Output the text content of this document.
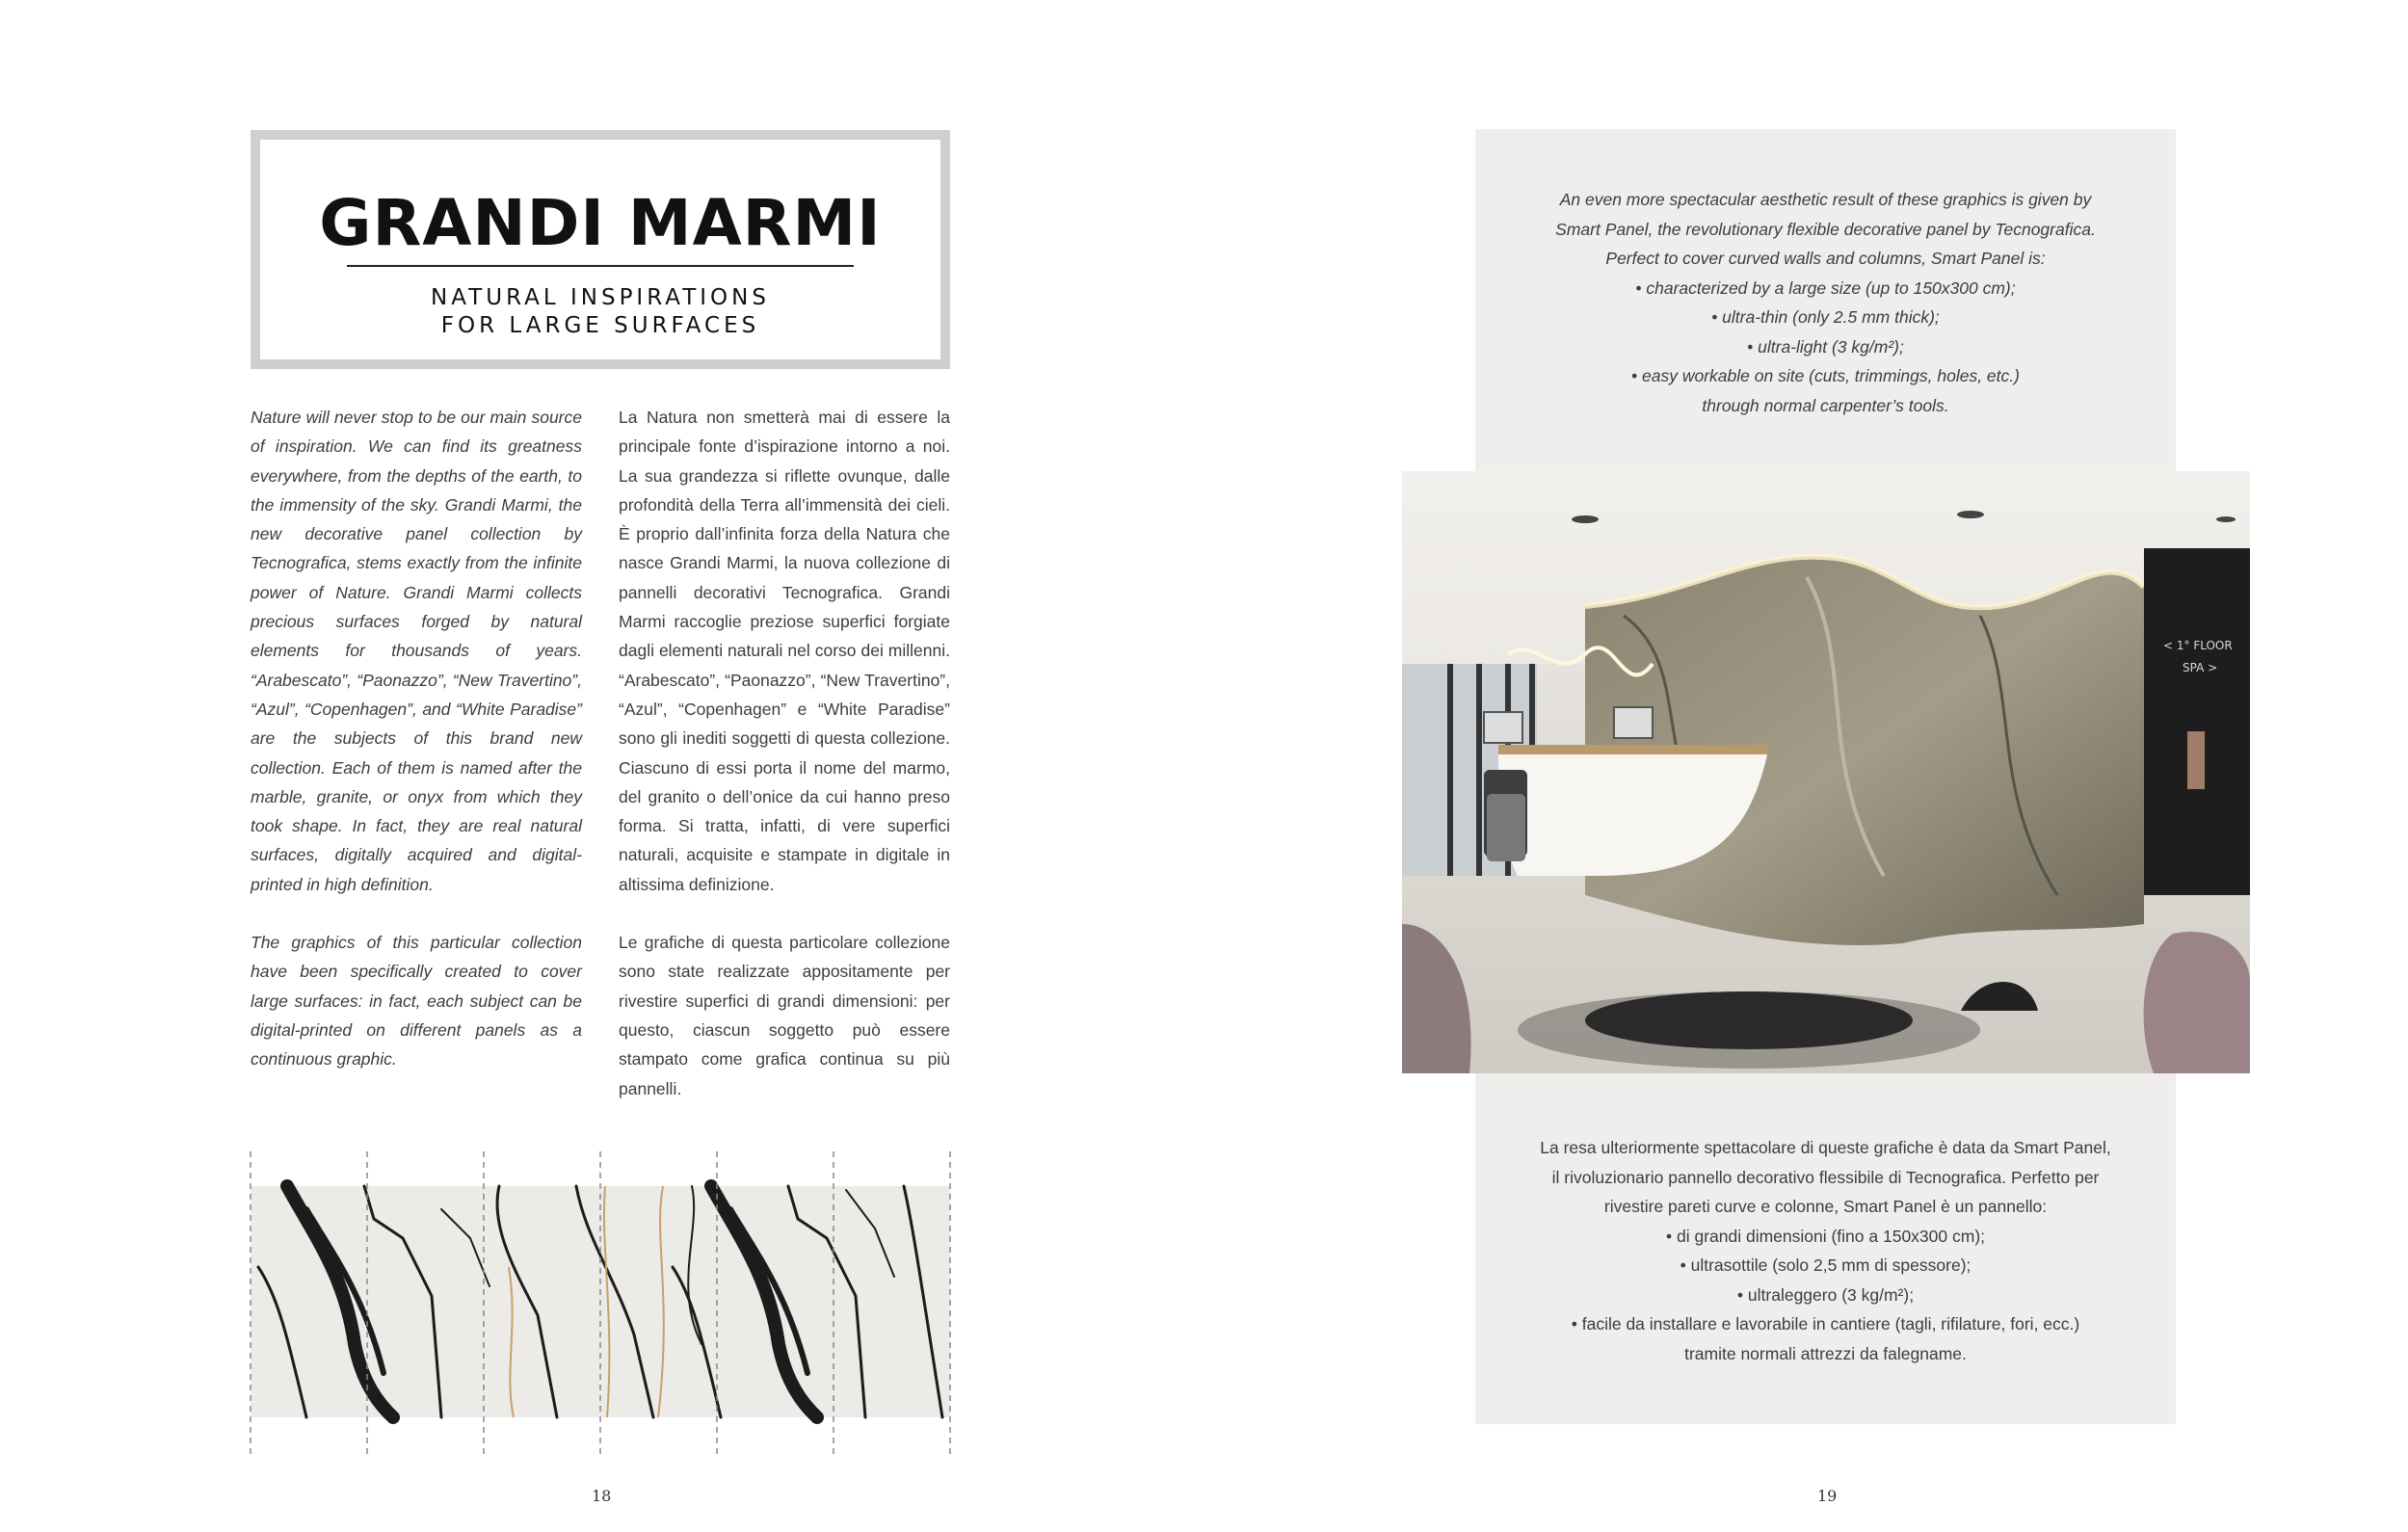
GRANDI MARMI
NATURAL INSPIRATIONS
FOR LARGE SURFACES

Nature will never stop to be our main source of inspiration. We can find its greatness everywhere, from the depths of the earth, to the immensity of the sky. Grandi Marmi, the new decorative panel collection by Tecnografica, stems exactly from the infinite power of Nature. Grandi Marmi collects precious surfaces forged by natural elements for thousands of years. “Arabescato”, “Paonazzo”, “New Travertino”, “Azul”, “Copenhagen”, and “White Paradise” are the subjects of this brand new collection. Each of them is named after the marble, granite, or onyx from which they took shape. In fact, they are real natural surfaces, digitally acquired and digital-printed in high definition.

The graphics of this particular collection have been specifically created to cover large surfaces: in fact, each subject can be digital-printed on different panels as a continuous graphic.

La Natura non smetterà mai di essere la principale fonte d’ispirazione intorno a noi. La sua grandezza si riflette ovunque, dalle profondità della Terra all’immensità dei cieli. È proprio dall’infinita forza della Natura che nasce Grandi Marmi, la nuova collezione di pannelli decorativi Tecnografica. Grandi Marmi raccoglie preziose superfici forgiate dagli elementi naturali nel corso dei millenni. “Arabescato”, “Paonazzo”, “New Travertino”, “Azul”, “Copenhagen” e “White Paradise” sono gli inediti soggetti di questa collezione. Ciascuno di essi porta il nome del marmo, del granito o dell’onice da cui hanno preso forma. Si tratta, infatti, di vere superfici naturali, acquisite e stampate in digitale in altissima definizione.

Le grafiche di questa particolare collezione sono state realizzate appositamente per rivestire superfici di grandi dimensioni: per questo, ciascun soggetto può essere stampato come grafica continua su più pannelli.

18
An even more spectacular aesthetic result of these graphics is given by
Smart Panel, the revolutionary flexible decorative panel by Tecnografica.
Perfect to cover curved walls and columns, Smart Panel is:
• characterized by a large size (up to 150x300 cm);
• ultra-thin (only 2.5 mm thick);
• ultra-light (3 kg/m²);
• easy workable on site (cuts, trimmings, holes, etc.)
through normal carpenter’s tools.
< 1° FLOOR
SPA >
La resa ulteriormente spettacolare di queste grafiche è data da Smart Panel,
il rivoluzionario pannello decorativo flessibile di Tecnografica. Perfetto per
rivestire pareti curve e colonne, Smart Panel è un pannello:
• di grandi dimensioni (fino a 150x300 cm);
• ultrasottile (solo 2,5 mm di spessore);
• ultraleggero (3 kg/m²);
• facile da installare e lavorabile in cantiere (tagli, rifilature, fori, ecc.)
tramite normali attrezzi da falegname.
19
